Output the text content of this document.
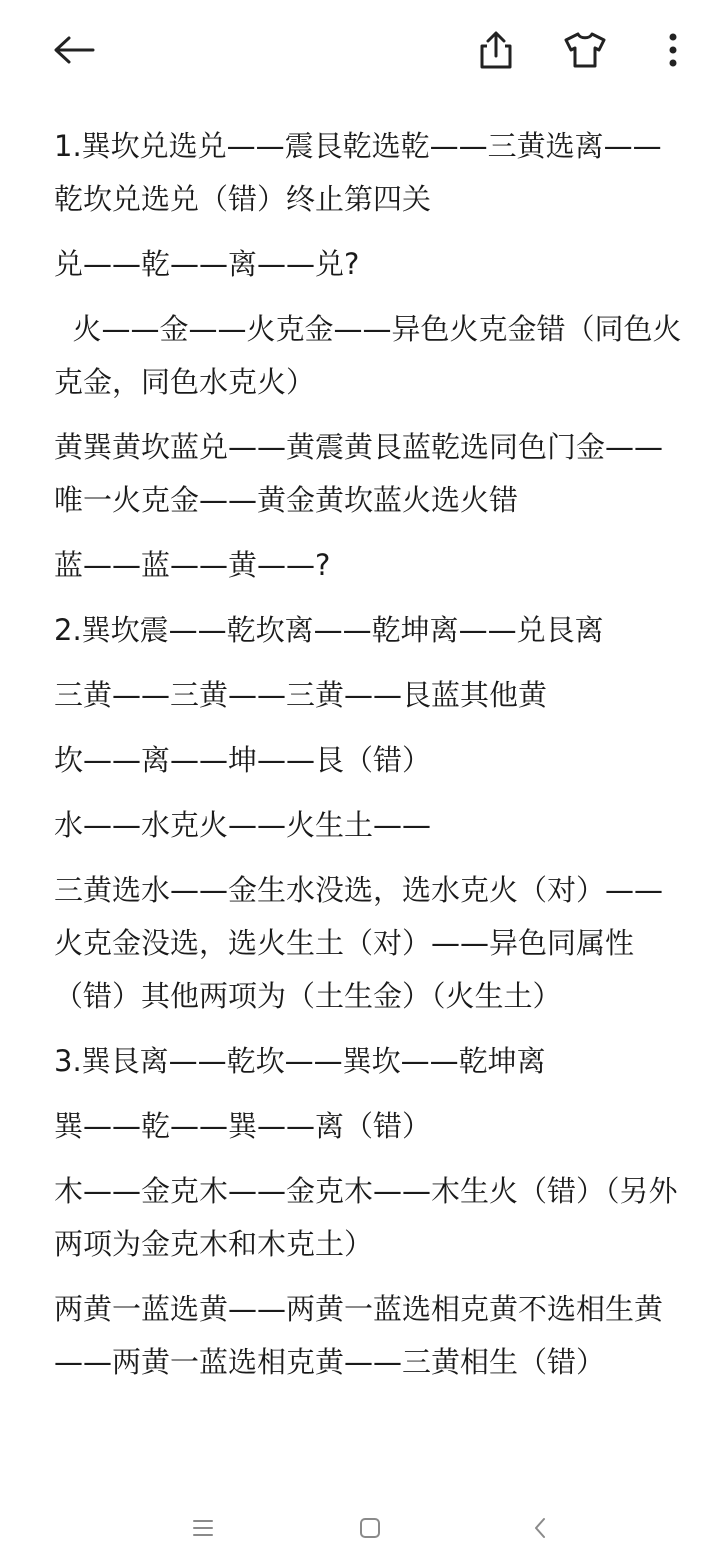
1.巽坎兑选兑——震艮乾选乾——三黄选离——乾坎兑选兑（错）终止第四关

兑——乾——离——兑?

火——金——火克金——异色火克金错（同色火克金，同色水克火）

黄巽黄坎蓝兑——黄震黄艮蓝乾选同色门金——唯一火克金——黄金黄坎蓝火选火错

蓝——蓝——黄——?

2.巽坎震——乾坎离——乾坤离——兑艮离

三黄——三黄——三黄——艮蓝其他黄

坎——离——坤——艮（错）

水——水克火——火生土——

三黄选水——金生水没选，选水克火（对）——火克金没选，选火生土（对）——异色同属性（错）其他两项为（土生金）（火生土）

3.巽艮离——乾坎——巽坎——乾坤离

巽——乾——巽——离（错）

木——金克木——金克木——木生火（错）（另外两项为金克木和木克土）

两黄一蓝选黄——两黄一蓝选相克黄不选相生黄——两黄一蓝选相克黄——三黄相生（错）
